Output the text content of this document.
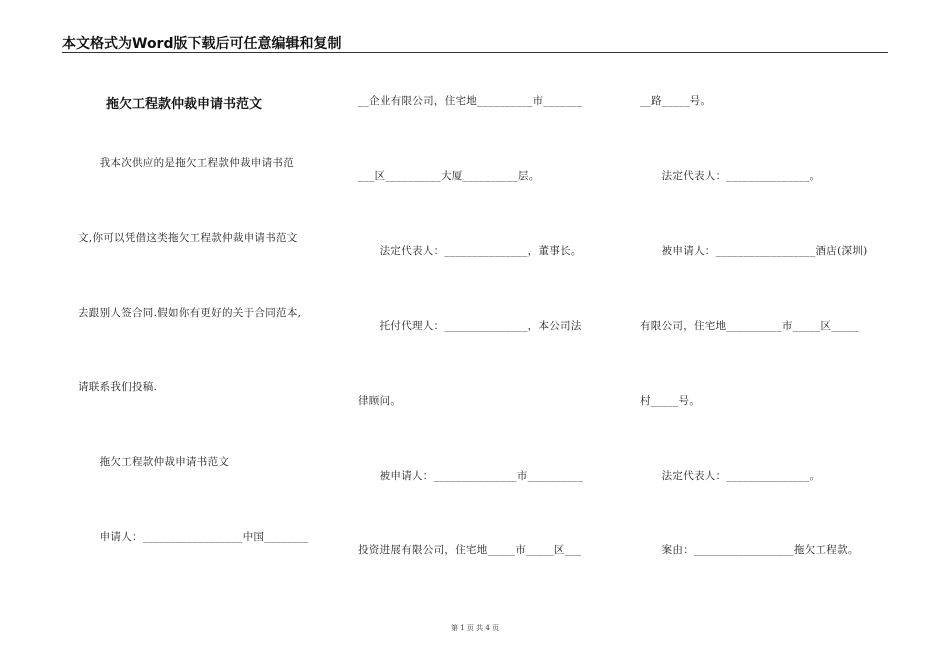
本文格式为Word版下载后可任意编辑和复制
拖欠工程款仲裁申请书范文
　　我本次供应的是拖欠工程款仲裁申请书范
文,你可以凭借这类拖欠工程款仲裁申请书范文
去跟别人签合同.假如你有更好的关于合同范本,
请联系我们投稿.
　　拖欠工程款仲裁申请书范文
　　申请人：__________________中国________
__企业有限公司，住宅地__________市_______
___区__________大厦__________层。
　　法定代表人：_______________，董事长。
　　托付代理人：_______________，本公司法
律顾问。
　　被申请人：_______________市__________
投资进展有限公司，住宅地_____市_____区___
__路_____号。
　　法定代表人：_______________。
　　被申请人：__________________酒店(深圳)
有限公司，住宅地__________市_____区_____
村_____号。
　　法定代表人：_______________。
　　案由：__________________拖欠工程款。
第 1 页 共 4 页
